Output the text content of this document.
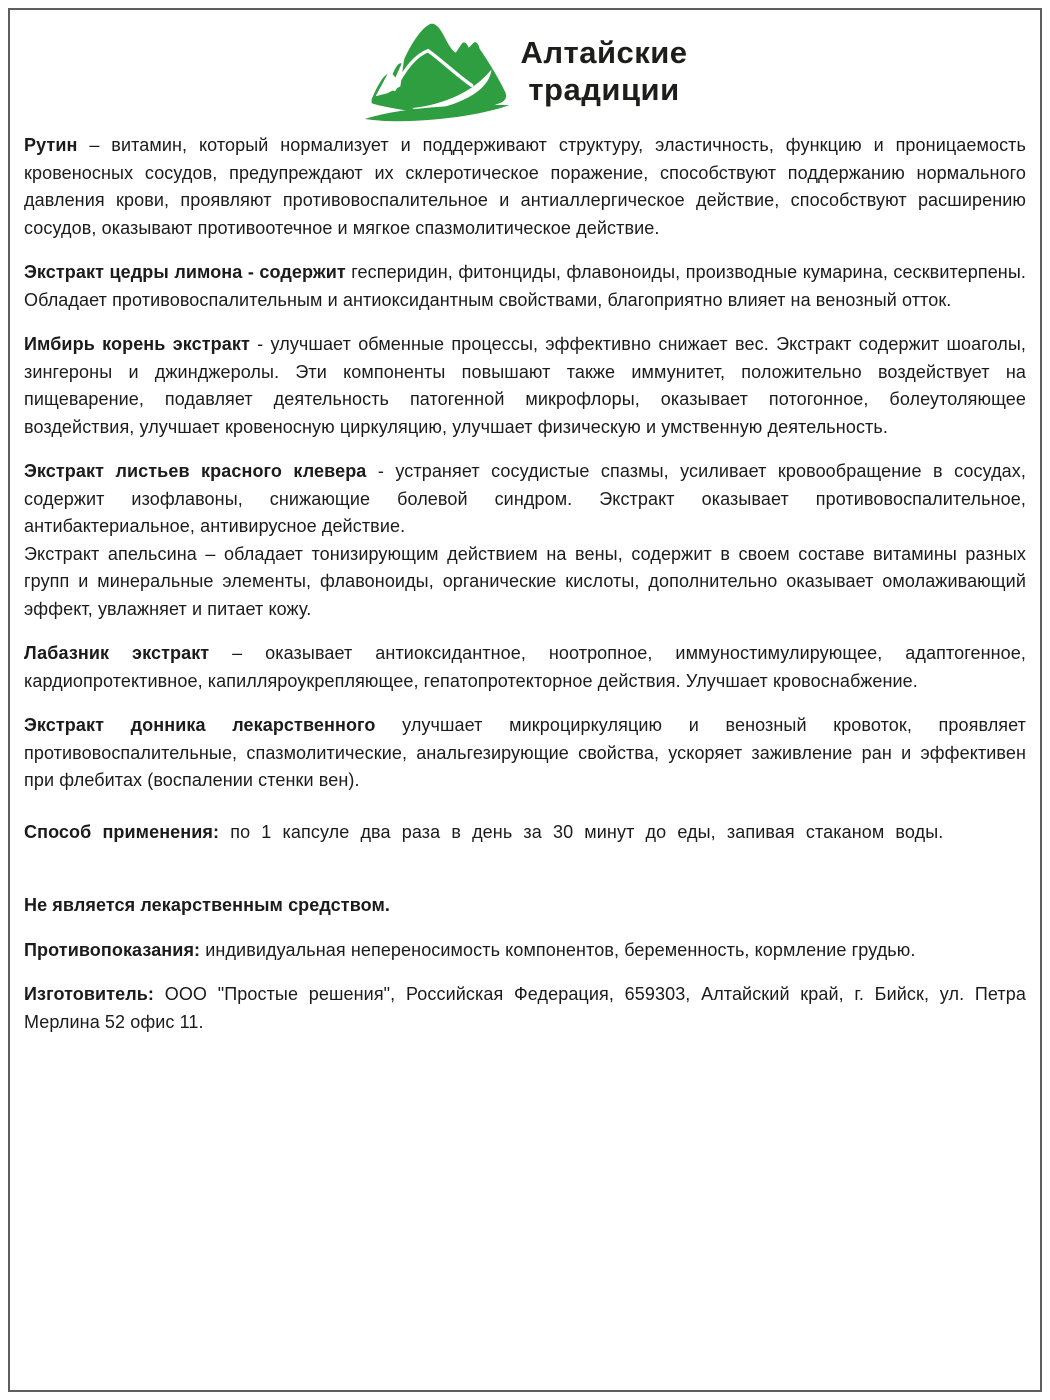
Алтайские
традиции

Рутин – витамин, который нормализует и поддерживают структуру, эластичность, функцию и проницаемость кровеносных сосудов, предупреждают их склеротическое поражение, способствуют поддержанию нормального давления крови, проявляют противовоспалительное и антиаллергическое действие, способствуют расширению сосудов, оказывают противоотечное и мягкое спазмолитическое действие.

Экстракт цедры лимона - содержит гесперидин, фитонциды, флавоноиды, производные кумарина, сесквитерпены. Обладает противовоспалительным и антиоксидантным свойствами, благоприятно влияет на венозный отток.

Имбирь корень экстракт - улучшает обменные процессы, эффективно снижает вес. Экстракт содержит шоаголы, зингероны и джинджеролы. Эти компоненты повышают также иммунитет, положительно воздействует на пищеварение, подавляет деятельность патогенной микрофлоры, оказывает потогонное, болеутоляющее воздействия, улучшает кровеносную циркуляцию, улучшает физическую и умственную деятельность.

Экстракт листьев красного клевера - устраняет сосудистые спазмы, усиливает кровообращение в сосудах, содержит изофлавоны, снижающие болевой синдром. Экстракт оказывает противовоспалительное, антибактериальное, антивирусное действие.

Экстракт апельсина – обладает тонизирующим действием на вены, содержит в своем составе витамины разных групп и минеральные элементы, флавоноиды, органические кислоты, дополнительно оказывает омолаживающий эффект, увлажняет и питает кожу.

Лабазник экстракт – оказывает антиоксидантное, ноотропное, иммуностимулирующее, адаптогенное, кардиопротективное, капилляроукрепляющее, гепатопротекторное действия. Улучшает кровоснабжение.

Экстракт донника лекарственного улучшает микроциркуляцию и венозный кровоток, проявляет противовоспалительные, спазмолитические, анальгезирующие свойства, ускоряет заживление ран и эффективен при флебитах (воспалении стенки вен).

Способ применения: по 1 капсуле два раза в день за 30 минут до еды, запивая стаканом воды.

Не является лекарственным средством.

Противопоказания: индивидуальная непереносимость компонентов, беременность, кормление грудью.

Изготовитель: ООО "Простые решения", Российская Федерация, 659303, Алтайский край, г. Бийск, ул. Петра Мерлина 52 офис 11.
